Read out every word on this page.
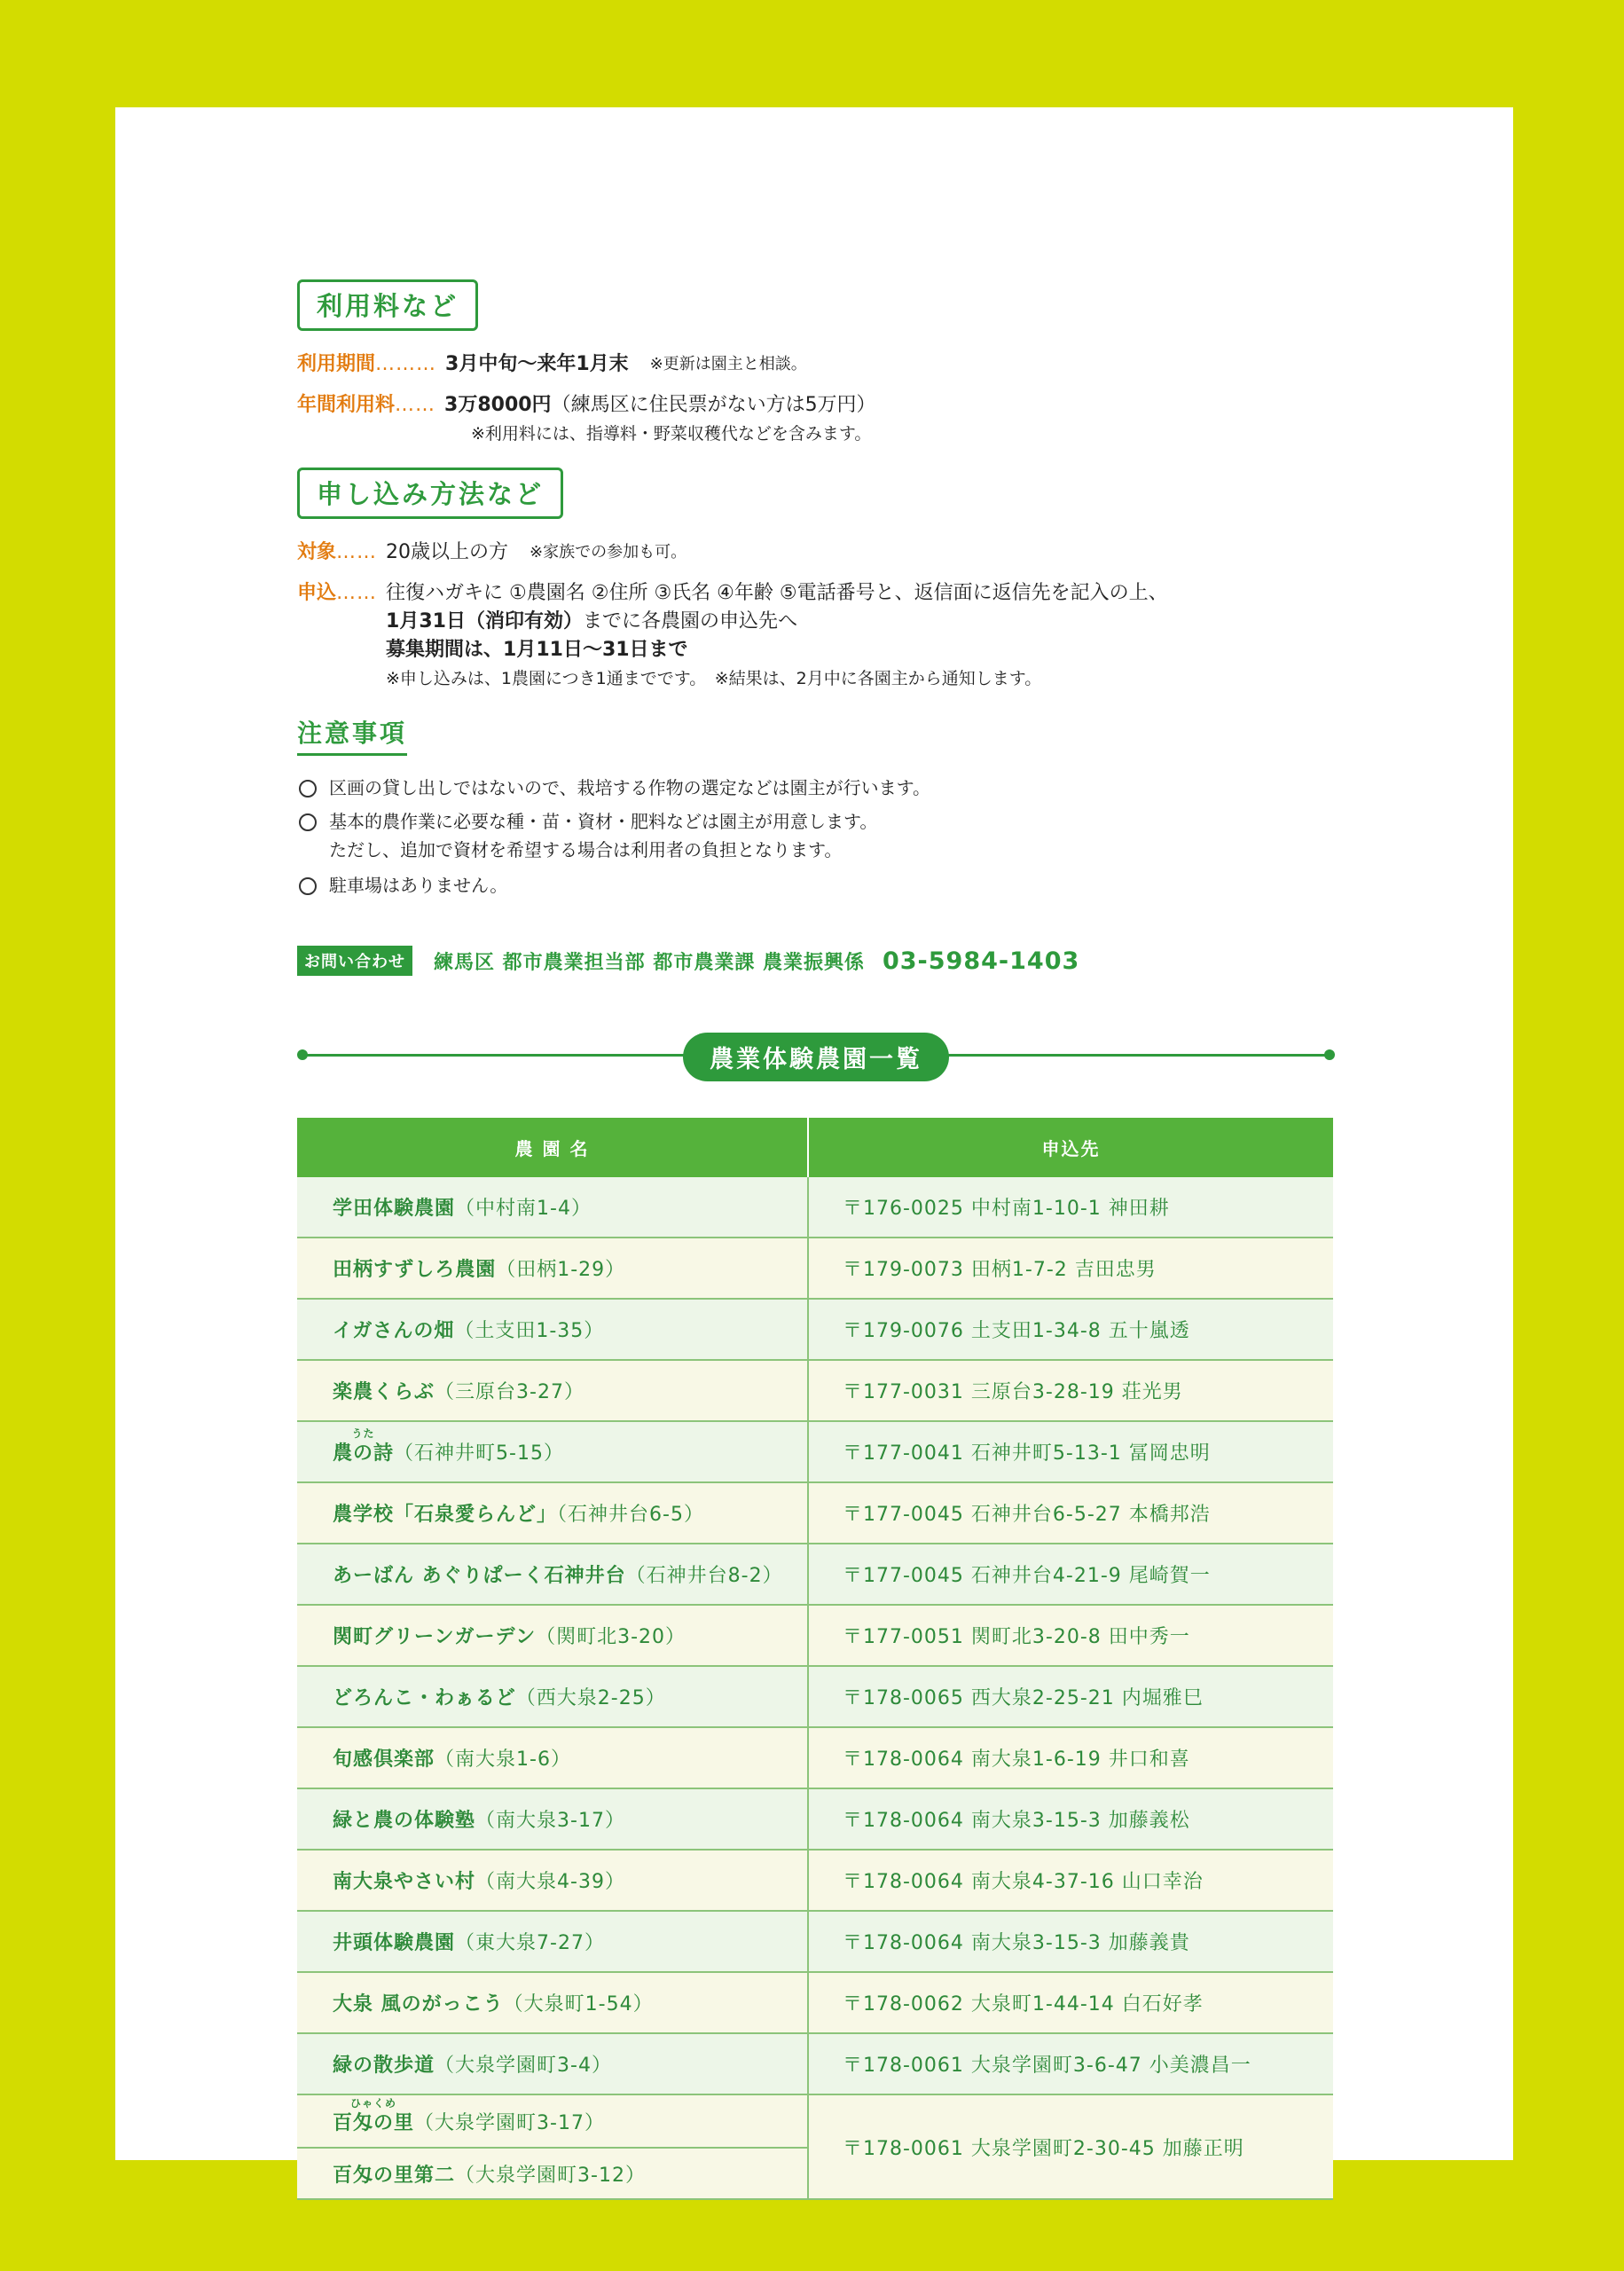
利用料など
利用期間 ……… 3月中旬～来年1月末 ※更新は園主と相談。
年間利用料 …… 3万8000円（練馬区に住民票がない方は5万円）
※利用料には、指導料・野菜収穫代などを含みます。
申し込み方法など
対象 …… 20歳以上の方 ※家族での参加も可。
申込 …… 往復ハガキに ①農園名 ②住所 ③氏名 ④年齢 ⑤電話番号と、返信面に返信先を記入の上、
1月31日（消印有効）までに各農園の申込先へ
募集期間は、1月11日～31日まで
※申し込みは、1農園につき1通までです。　※結果は、2月中に各園主から通知します。
注意事項
区画の貸し出しではないので、栽培する作物の選定などは園主が行います。
基本的農作業に必要な種・苗・資材・肥料などは園主が用意します。
ただし、追加で資材を希望する場合は利用者の負担となります。
駐車場はありません。
お問い合わせ	練馬区 都市農業担当部 都市農業課 農業振興係 03-5984-1403
農業体験農園一覧
農 園 名	申込先
学田体験農園（中村南1-4）	〒176-0025 中村南1-10-1 神田耕
田柄すずしろ農園（田柄1-29）	〒179-0073 田柄1-7-2 吉田忠男
イガさんの畑（土支田1-35）	〒179-0076 土支田1-34-8 五十嵐透
楽農くらぶ（三原台3-27）	〒177-0031 三原台3-28-19 荘光男

うた
農の詩（石神井町5-15）	〒177-0041 石神井町5-13-1 冨岡忠明
農学校「石泉愛らんど」（石神井台6-5）	〒177-0045 石神井台6-5-27 本橋邦浩
あーばん あぐりぱーく石神井台（石神井台8-2）	〒177-0045 石神井台4-21-9 尾崎賀一
関町グリーンガーデン（関町北3-20）	〒177-0051 関町北3-20-8 田中秀一
どろんこ・わぁるど（西大泉2-25）	〒178-0065 西大泉2-25-21 内堀雅巳
旬感倶楽部（南大泉1-6）	〒178-0064 南大泉1-6-19 井口和喜
緑と農の体験塾（南大泉3-17）	〒178-0064 南大泉3-15-3 加藤義松
南大泉やさい村（南大泉4-39）	〒178-0064 南大泉4-37-16 山口幸治
井頭体験農園（東大泉7-27）	〒178-0064 南大泉3-15-3 加藤義貴
大泉 風のがっこう（大泉町1-54）	〒178-0062 大泉町1-44-14 白石好孝
緑の散歩道（大泉学園町3-4）	〒178-0061 大泉学園町3-6-47 小美濃昌一

ひゃくめ
百匁の里（大泉学園町3-17）	〒178-0061 大泉学園町2-30-45 加藤正明
百匁の里第二（大泉学園町3-12）	
